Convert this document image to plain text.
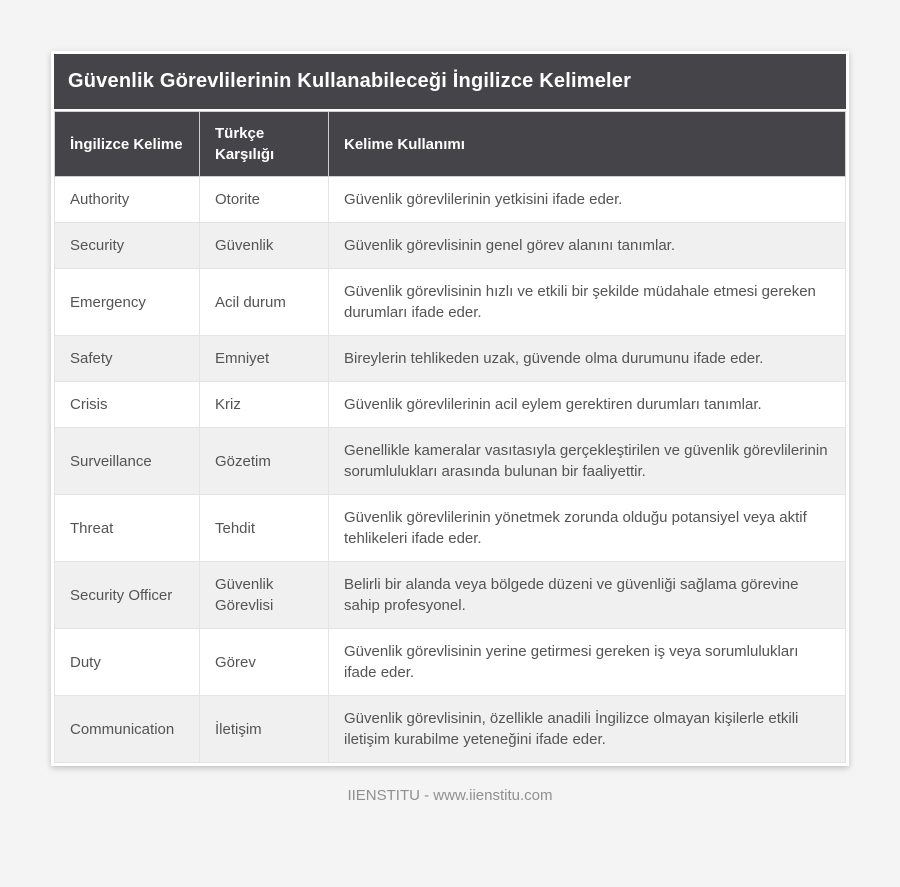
Güvenlik Görevlilerinin Kullanabileceği İngilizce Kelimeler
İngilizce Kelime	Türkçe Karşılığı	Kelime Kullanımı
Authority	Otorite	Güvenlik görevlilerinin yetkisini ifade eder.
Security	Güvenlik	Güvenlik görevlisinin genel görev alanını tanımlar.
Emergency	Acil durum	Güvenlik görevlisinin hızlı ve etkili bir şekilde müdahale etmesi gereken durumları ifade eder.
Safety	Emniyet	Bireylerin tehlikeden uzak, güvende olma durumunu ifade eder.
Crisis	Kriz	Güvenlik görevlilerinin acil eylem gerektiren durumları tanımlar.
Surveillance	Gözetim	Genellikle kameralar vasıtasıyla gerçekleştirilen ve güvenlik görevlilerinin sorumlulukları arasında bulunan bir faaliyettir.
Threat	Tehdit	Güvenlik görevlilerinin yönetmek zorunda olduğu potansiyel veya aktif tehlikeleri ifade eder.
Security Officer	Güvenlik Görevlisi	Belirli bir alanda veya bölgede düzeni ve güvenliği sağlama görevine sahip profesyonel.
Duty	Görev	Güvenlik görevlisinin yerine getirmesi gereken iş veya sorumlulukları ifade eder.
Communication	İletişim	Güvenlik görevlisinin, özellikle anadili İngilizce olmayan kişilerle etkili iletişim kurabilme yeteneğini ifade eder.
IIENSTITU - www.iienstitu.com
